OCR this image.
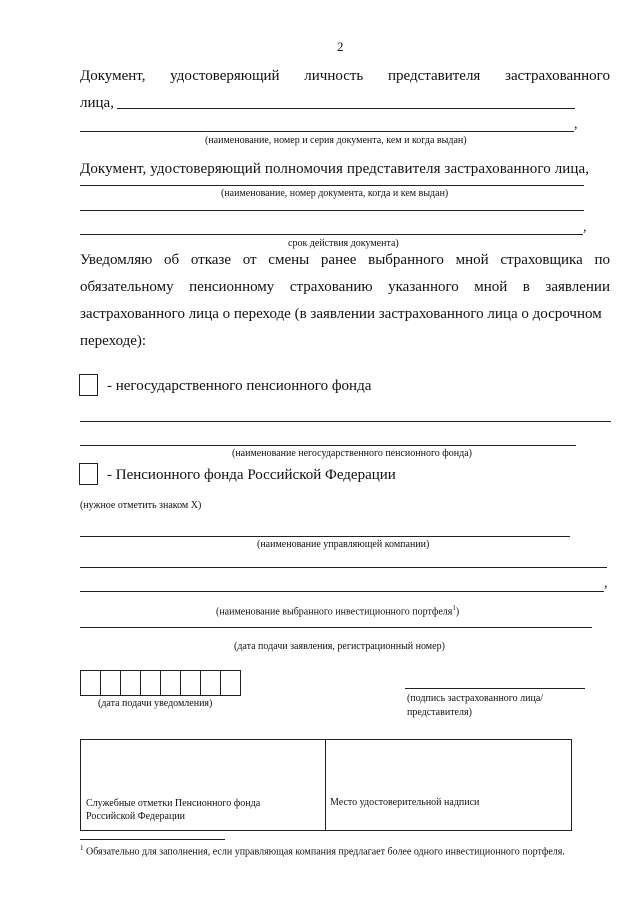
2
Документ, удостоверяющий личность представителя застрахованного
лица,
,
(наименование, номер и серия документа, кем и когда выдан)
Документ, удостоверяющий полномочия представителя застрахованного лица,
(наименование, номер документа, когда и кем выдан)
,
срок действия документа)
Уведомляю об отказе от смены ранее выбранного мной страховщика по
обязательному пенсионному страхованию указанного мной в заявлении
застрахованного лица о переходе (в заявлении застрахованного лица о досрочном
переходе):
- негосударственного пенсионного фонда
(наименование негосударственного пенсионного фонда)
- Пенсионного фонда Российской Федерации
(нужное отметить знаком X)
(наименование управляющей компании)
,
(наименование выбранного инвестиционного портфеля$^1$)
(дата подачи заявления, регистрационный номер)
(дата подачи уведомления)	(подпись застрахованного лица/
представителя)
Служебные отметки Пенсионного фонда
Российской Федерации
Место удостоверительной надписи
$^1$ Обязательно для заполнения, если управляющая компания предлагает более одного инвестиционного портфеля.
